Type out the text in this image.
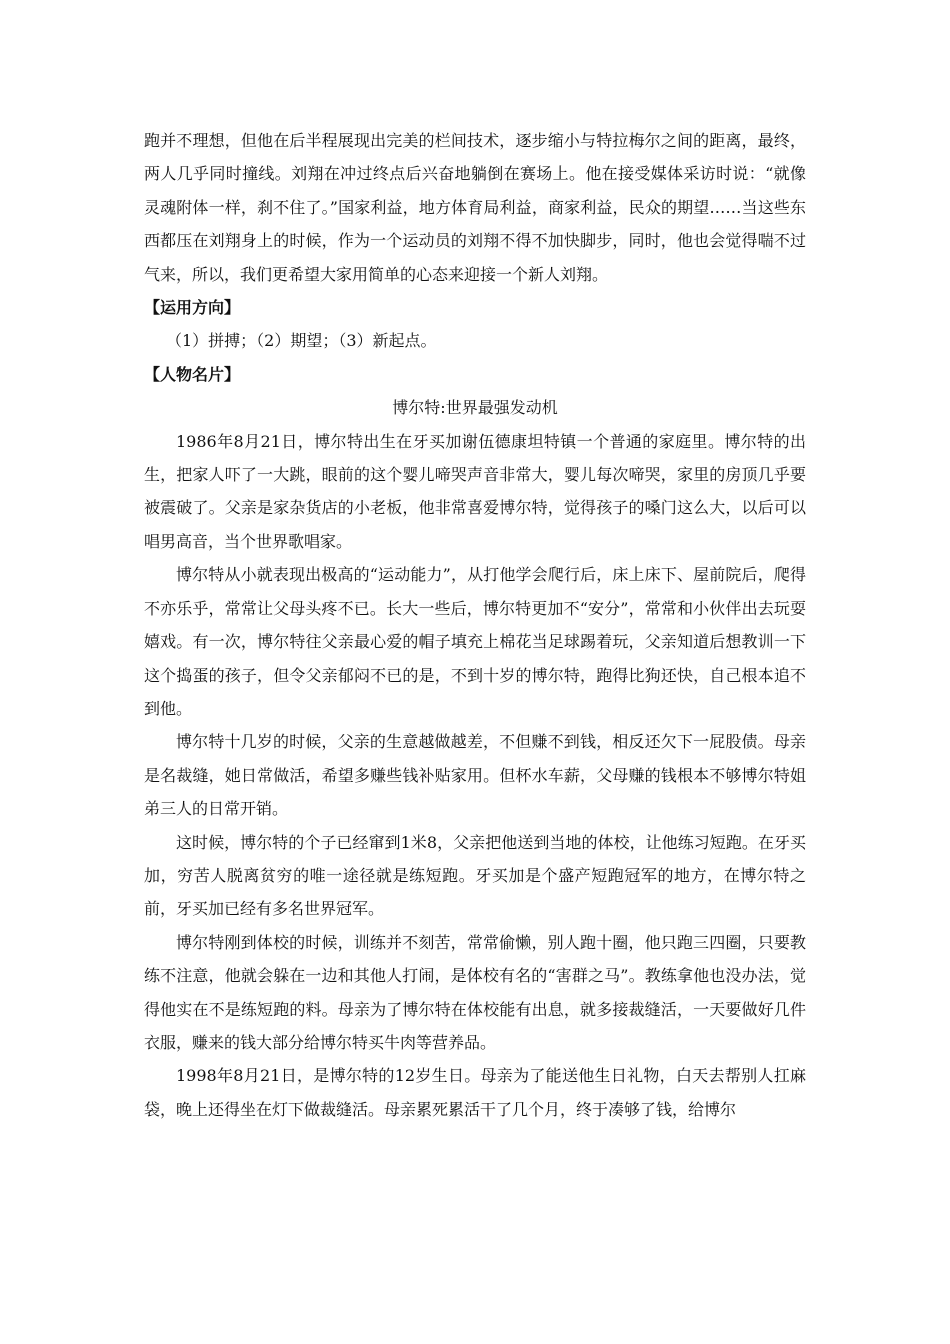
跑并不理想，但他在后半程展现出完美的栏间技术，逐步缩小与特拉梅尔之间的距离，最终，两人几乎同时撞线。刘翔在冲过终点后兴奋地躺倒在赛场上。他在接受媒体采访时说：“就像灵魂附体一样，刹不住了。”国家利益，地方体育局利益，商家利益，民众的期望……当这些东西都压在刘翔身上的时候，作为一个运动员的刘翔不得不加快脚步，同时，他也会觉得喘不过气来，所以，我们更希望大家用简单的心态来迎接一个新人刘翔。

【运用方向】

（1）拼搏；（2）期望；（3）新起点。

【人物名片】

博尔特:世界最强发动机

1986年8月21日，博尔特出生在牙买加谢伍德康坦特镇一个普通的家庭里。博尔特的出生，把家人吓了一大跳，眼前的这个婴儿啼哭声音非常大，婴儿每次啼哭，家里的房顶几乎要被震破了。父亲是家杂货店的小老板，他非常喜爱博尔特，觉得孩子的嗓门这么大，以后可以唱男高音，当个世界歌唱家。

博尔特从小就表现出极高的“运动能力”，从打他学会爬行后，床上床下、屋前院后，爬得不亦乐乎，常常让父母头疼不已。长大一些后，博尔特更加不“安分”，常常和小伙伴出去玩耍嬉戏。有一次，博尔特往父亲最心爱的帽子填充上棉花当足球踢着玩，父亲知道后想教训一下这个捣蛋的孩子，但令父亲郁闷不已的是，不到十岁的博尔特，跑得比狗还快，自己根本追不到他。

博尔特十几岁的时候，父亲的生意越做越差，不但赚不到钱，相反还欠下一屁股债。母亲是名裁缝，她日常做活，希望多赚些钱补贴家用。但杯水车薪，父母赚的钱根本不够博尔特姐弟三人的日常开销。

这时候，博尔特的个子已经窜到1米8，父亲把他送到当地的体校，让他练习短跑。在牙买加，穷苦人脱离贫穷的唯一途径就是练短跑。牙买加是个盛产短跑冠军的地方，在博尔特之前，牙买加已经有多名世界冠军。

博尔特刚到体校的时候，训练并不刻苦，常常偷懒，别人跑十圈，他只跑三四圈，只要教练不注意，他就会躲在一边和其他人打闹，是体校有名的“害群之马”。教练拿他也没办法，觉得他实在不是练短跑的料。母亲为了博尔特在体校能有出息，就多接裁缝活，一天要做好几件衣服，赚来的钱大部分给博尔特买牛肉等营养品。

1998年8月21日，是博尔特的12岁生日。母亲为了能送他生日礼物，白天去帮别人扛麻袋，晚上还得坐在灯下做裁缝活。母亲累死累活干了几个月，终于凑够了钱，给博尔
